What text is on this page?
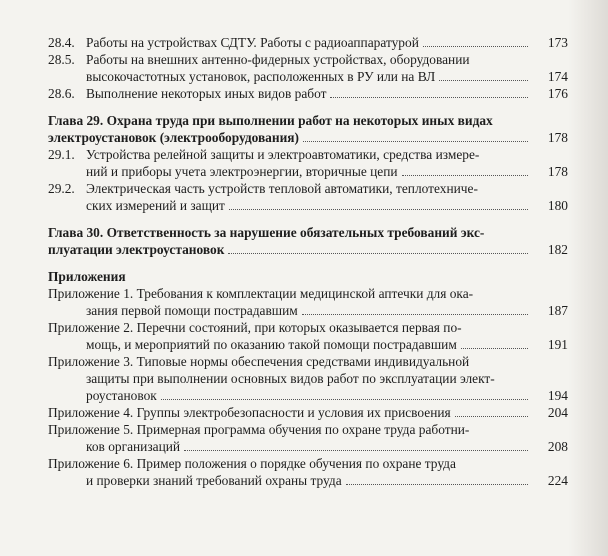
28.4. Работы на устройствах СДТУ. Работы с радиоаппаратурой	173
28.5. Работы на внешних антенно-фидерных устройствах, оборудовании
высокочастотных установок, расположенных в РУ или на ВЛ	174
28.6. Выполнение некоторых иных видов работ	176
Глава 29. Охрана труда при выполнении работ на некоторых иных видах
электроустановок (электрооборудования)	178
29.1. Устройства релейной защиты и электроавтоматики, средства измере-
ний и приборы учета электроэнергии, вторичные цепи	178
29.2. Электрическая часть устройств тепловой автоматики, теплотехниче-
ских измерений и защит	180
Глава 30. Ответственность за нарушение обязательных требований экс-
плуатации электроустановок	182
Приложения
Приложение 1. Требования к комплектации медицинской аптечки для ока-
зания первой помощи пострадавшим	187
Приложение 2. Перечни состояний, при которых оказывается первая по-
мощь, и мероприятий по оказанию такой помощи пострадавшим	191
Приложение 3. Типовые нормы обеспечения средствами индивидуальной
защиты при выполнении основных видов работ по эксплуатации элект-
роустановок	194
Приложение 4. Группы электробезопасности и условия их присвоения	204
Приложение 5. Примерная программа обучения по охране труда работни-
ков организаций	208
Приложение 6. Пример положения о порядке обучения по охране труда
и проверки знаний требований охраны труда	224
